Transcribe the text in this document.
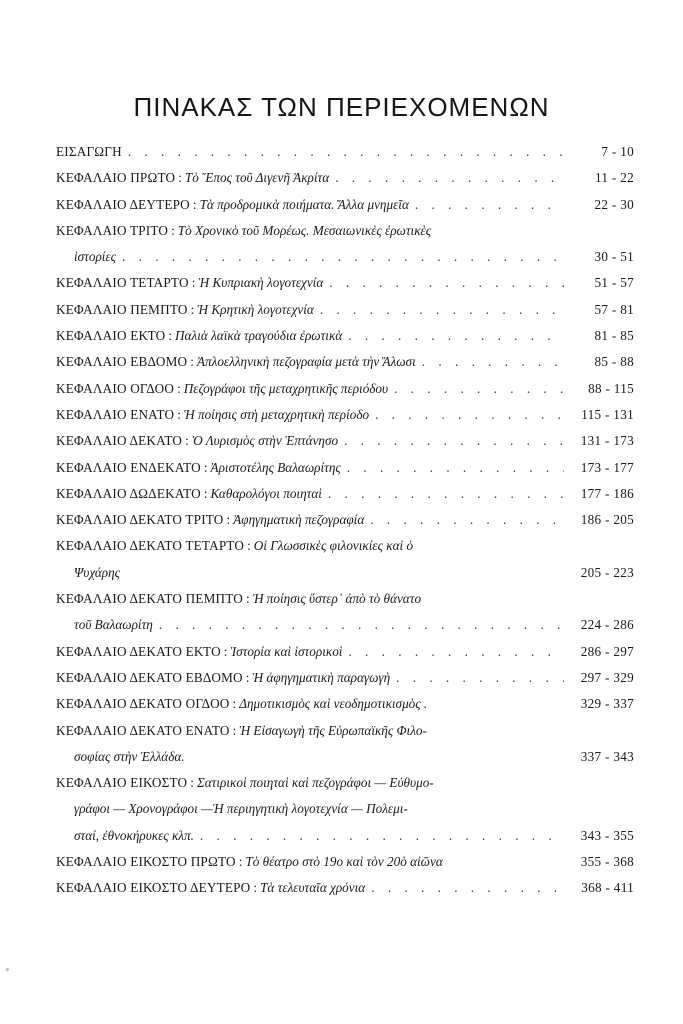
ΠΙΝΑΚΑΣ ΤΩΝ ΠΕΡΙΕΧΟΜΕΝΩΝ
ΕΙΣΑΓΩΓΗ . . .	7 - 10
ΚΕΦΑΛΑΙΟ ΠΡΩΤΟ : Τὸ Ἔπος τοῦ Διγενῆ Ἀκρίτα . . .	11 - 22
ΚΕΦΑΛΑΙΟ ΔΕΥΤΕΡΟ : Τὰ προδρομικὰ ποιήματα. Ἄλλα μνημεῖα . . .	22 - 30
ΚΕΦΑΛΑΙΟ ΤΡΙΤΟ : Τὸ Χρονικὸ τοῦ Μορέως. Μεσαιωνικὲς ἐρωτικὲς
ἱστορίες . . .	30 - 51
ΚΕΦΑΛΑΙΟ ΤΕΤΑΡΤΟ : Ἡ Κυπριακὴ λογοτεχνία . . .	51 - 57
ΚΕΦΑΛΑΙΟ ΠΕΜΠΤΟ : Ἡ Κρητικὴ λογοτεχνία . . .	57 - 81
ΚΕΦΑΛΑΙΟ ΕΚΤΟ : Παλιὰ λαϊκὰ τραγούδια ἐρωτικὰ . . .	81 - 85
ΚΕΦΑΛΑΙΟ ΕΒΔΟΜΟ : Ἀπλοελληνικὴ πεζογραφία μετὰ τὴν Ἅλωσι . . .	85 - 88
ΚΕΦΑΛΑΙΟ ΟΓΔΟΟ : Πεζογράφοι τῆς μεταχρητικῆς περιόδου . . .	88 - 115
ΚΕΦΑΛΑΙΟ ΕΝΑΤΟ : Ἡ ποίησις στὴ μεταχρητικὴ περίοδο . . .	115 - 131
ΚΕΦΑΛΑΙΟ ΔΕΚΑΤΟ : Ὁ Λυρισμὸς στὴν Ἑπτάνησο . . .	131 - 173
ΚΕΦΑΛΑΙΟ ΕΝΔΕΚΑΤΟ : Ἀριστοτέλης Βαλαωρίτης . . .	173 - 177
ΚΕΦΑΛΑΙΟ ΔΩΔΕΚΑΤΟ : Καθαρολόγοι ποιηταὶ . . .	177 - 186
ΚΕΦΑΛΑΙΟ ΔΕΚΑΤΟ ΤΡΙΤΟ : Ἀφηγηματικὴ πεζογραφία . . .	186 - 205
ΚΕΦΑΛΑΙΟ ΔΕΚΑΤΟ ΤΕΤΑΡΤΟ : Οἱ Γλωσσικὲς φιλονικίες καὶ ὁ
Ψυχάρης	205 - 223
ΚΕΦΑΛΑΙΟ ΔΕΚΑΤΟ ΠΕΜΠΤΟ : Ἡ ποίησις ὕστερ᾽ ἀπὸ τὸ θάνατο
τοῦ Βαλαωρίτη . . .	224 - 286
ΚΕΦΑΛΑΙΟ ΔΕΚΑΤΟ ΕΚΤΟ : Ἱστορία καὶ ἱστορικοὶ . . .	286 - 297
ΚΕΦΑΛΑΙΟ ΔΕΚΑΤΟ ΕΒΔΟΜΟ : Ἡ ἀφηγηματικὴ παραγωγὴ . . .	297 - 329
ΚΕΦΑΛΑΙΟ ΔΕΚΑΤΟ ΟΓΔΟΟ : Δημοτικισμὸς καὶ νεοδημοτικισμὸς .	329 - 337
ΚΕΦΑΛΑΙΟ ΔΕΚΑΤΟ ΕΝΑΤΟ : Ἡ Εἰσαγωγὴ τῆς Εὐρωπαϊκῆς Φιλο-
σοφίας στὴν Ἑλλάδα.	337 - 343
ΚΕΦΑΛΑΙΟ ΕΙΚΟΣΤΟ : Σατιρικοὶ ποιηταὶ καὶ πεζογράφοι — Εὐθυμο-
γράφοι — Χρονογράφοι —Ἡ περιηγητικὴ λογοτεχνία — Πολεμι-
σταί, ἐθνοκήρυκες κλπ. . . .	343 - 355
ΚΕΦΑΛΑΙΟ ΕΙΚΟΣΤΟ ΠΡΩΤΟ : Τὸ θέατρο στὸ 19ο καὶ τὸν 20ὸ αἰῶνα	355 - 368
ΚΕΦΑΛΑΙΟ ΕΙΚΟΣΤΟ ΔΕΥΤΕΡΟ : Τὰ τελευταῖα χρόνια . . .	368 - 411
